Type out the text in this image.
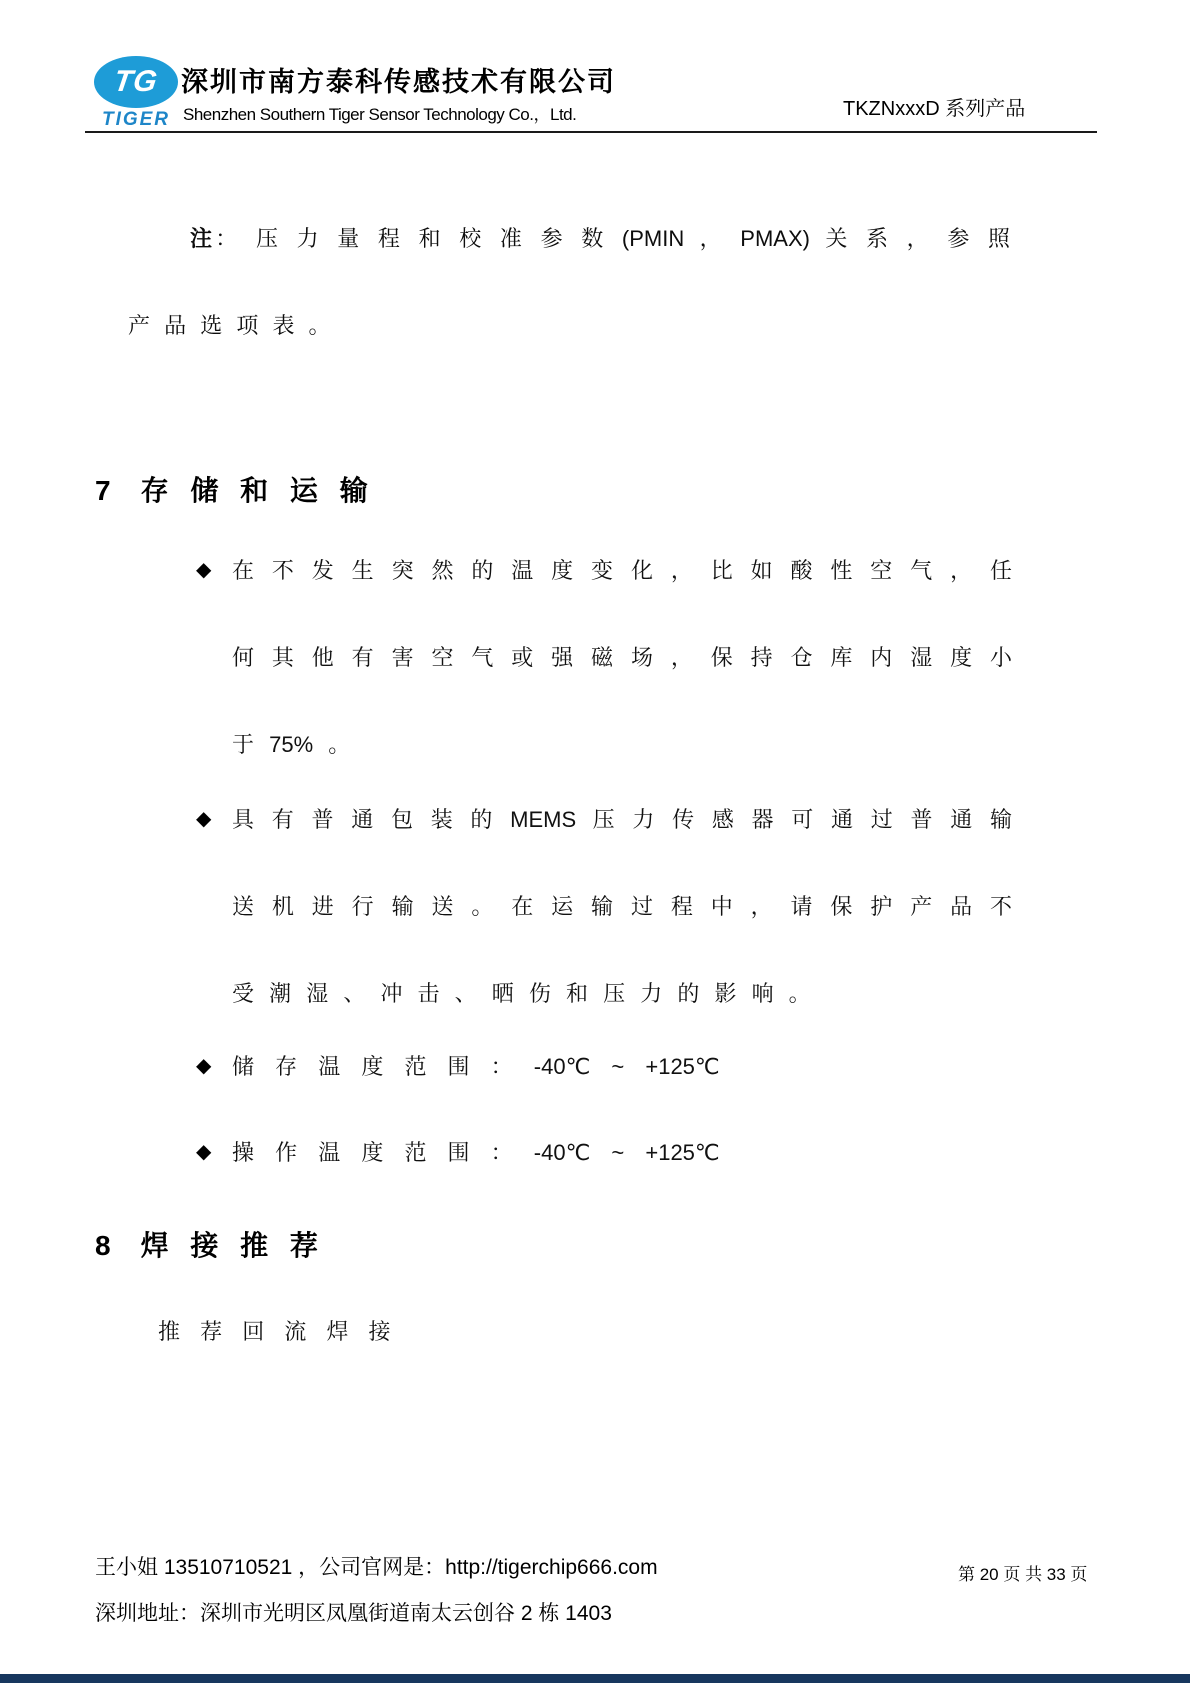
TG
TIGER
深圳市南方泰科传感技术有限公司
Shenzhen Southern Tiger Sensor Technology Co.，Ltd.	TKZNxxxD 系列产品
注： 压 力 量 程 和 校 准 参 数 (PMIN ， PMAX) 关 系 ， 参 照
产 品 选 项 表 。
7 存 储 和 运 输
◆ 在 不 发 生 突 然 的 温 度 变 化 ， 比 如 酸 性 空 气 ， 任
何 其 他 有 害 空 气 或 强 磁 场 ， 保 持 仓 库 内 湿 度 小
于 75% 。
◆ 具 有 普 通 包 装 的 MEMS 压 力 传 感 器 可 通 过 普 通 输
送 机 进 行 输 送 。 在 运 输 过 程 中 ， 请 保 护 产 品 不
受 潮 湿 、 冲 击 、 晒 伤 和 压 力 的 影 响 。
◆ 储 存 温 度 范 围 ： -40℃ ~ +125℃
◆ 操 作 温 度 范 围 ： -40℃ ~ +125℃
8 焊 接 推 荐
推 荐 回 流 焊 接
王小姐 13510710521 ，公司官网是：http://tigerchip666.com
深圳地址：深圳市光明区凤凰街道南太云创谷 2 栋 1403
第 20 页 共 33 页
